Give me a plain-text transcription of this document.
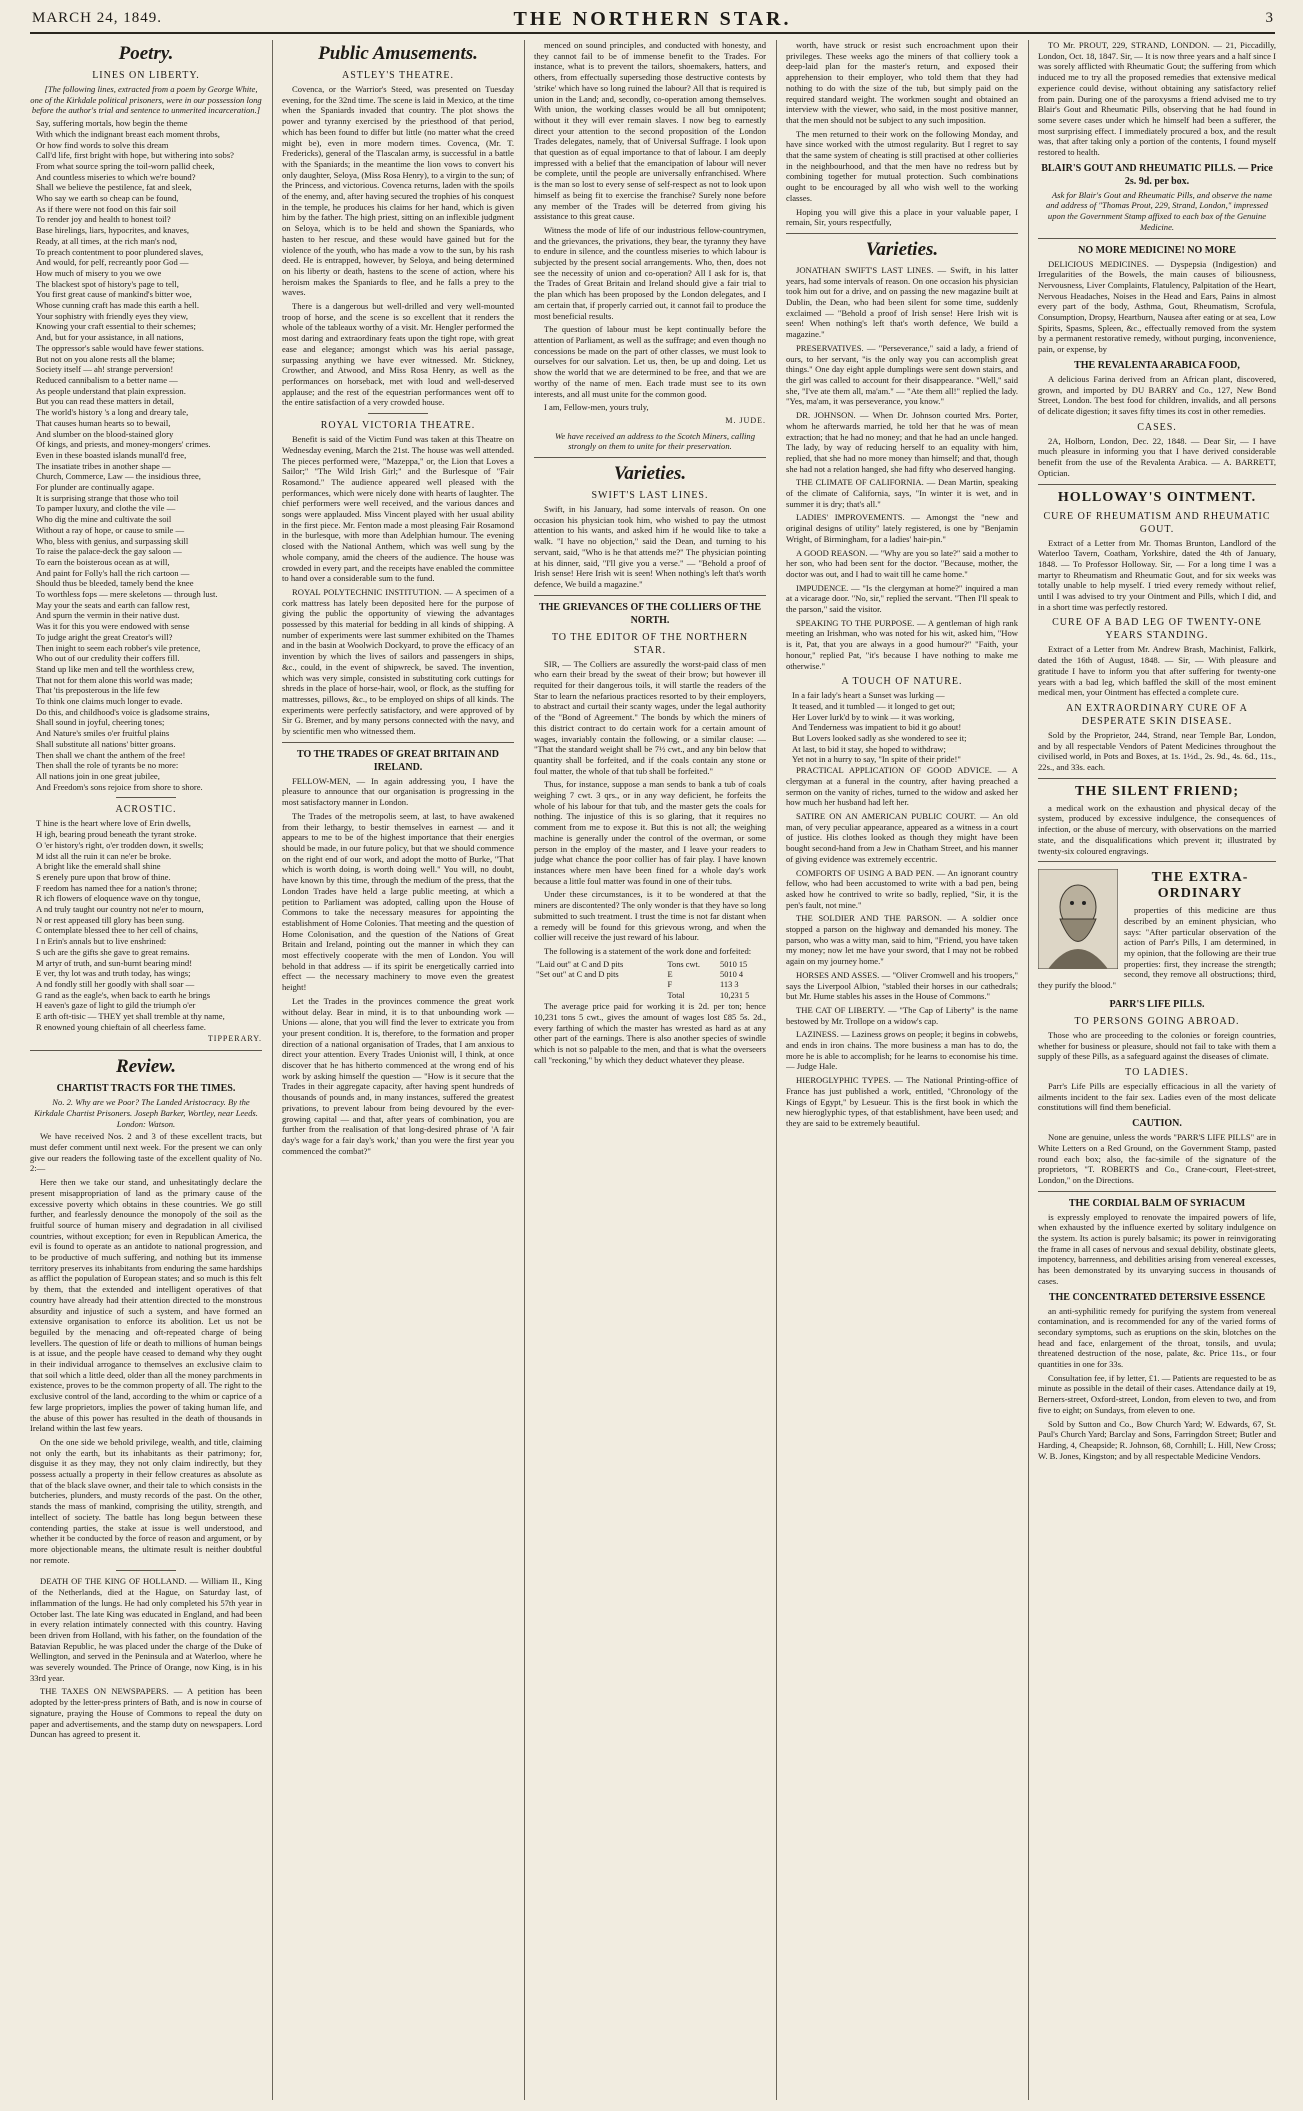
MARCH 24, 1849.	THE NORTHERN STAR.	3
Poetry.
LINES ON LIBERTY.

[The following lines, extracted from a poem by George White, one of the Kirkdale political prisoners, were in our possession long before the author's trial and sentence to unmerited incarceration.]

Say, suffering mortals, how begin the theme
With which the indignant breast each moment throbs,
Or how find words to solve this dream
Call'd life, first bright with hope, but withering into sobs?
From what source spring the toil-worn pallid cheek,
And countless miseries to which we're bound?
Shall we believe the pestilence, fat and sleek,
Who say we earth so cheap can be found,
As if there were not food on this fair soil
To render joy and health to honest toil?
Base hirelings, liars, hypocrites, and knaves,
Ready, at all times, at the rich man's nod,
To preach contentment to poor plundered slaves,
And would, for pelf, recreantly poor God —
How much of misery to you we owe
The blackest spot of history's page to tell,
You first great cause of mankind's bitter woe,
Whose cunning craft has made this earth a hell.
Your sophistry with friendly eyes they view,
Knowing your craft essential to their schemes;
And, but for your assistance, in all nations,
The oppressor's sable would have fewer stations.
But not on you alone rests all the blame;
Society itself — ah! strange perversion!
Reduced cannibalism to a better name —
As people understand that plain expression.
But you can read these matters in detail,
The world's history 's a long and dreary tale,
That causes human hearts so to bewail,
And slumber on the blood-stained glory
Of kings, and priests, and money-mongers' crimes.
Even in these boasted islands munall'd free,
The insatiate tribes in another shape —
Church, Commerce, Law — the insidious three,
For plunder are continually agape.
It is surprising strange that those who toil
To pamper luxury, and clothe the vile —
Who dig the mine and cultivate the soil
Without a ray of hope, or cause to smile —
Who, bless with genius, and surpassing skill
To raise the palace-deck the gay saloon —
To earn the boisterous ocean as at will,
And paint for Folly's hall the rich cartoon —
Should thus be bleeded, tamely bend the knee
To worthless fops — mere skeletons — through lust.
May your the seats and earth can fallow rest,
And spurn the vermin in their native dust.
Was it for this you were endowed with sense
To judge aright the great Creator's will?
Then inight to seem each robber's vile pretence,
Who out of our credulity their coffers fill.
Stand up like men and tell the worthless crew,
That not for them alone this world was made;
That 'tis preposterous in the life few
To think one claims much longer to evade.
Do this, and childhood's voice is gladsome strains,
Shall sound in joyful, cheering tones;
And Nature's smiles o'er fruitful plains
Shall substitute all nations' bitter groans.
Then shall we chant the anthem of the free!
Then shall the role of tyrants be no more:
All nations join in one great jubilee,
And Freedom's sons rejoice from shore to shore.
ACROSTIC.
T hine is the heart where love of Erin dwells,
H igh, bearing proud beneath the tyrant stroke.
O 'er history's right, o'er trodden down, it swells;
M idst all the ruin it can ne'er be broke.
A bright like the emerald shall shine
S erenely pure upon that brow of thine.
F reedom has named thee for a nation's throne;
R ich flowers of eloquence wave on thy tongue,
A nd truly taught our country not ne'er to mourn,
N or rest appeased till glory has been sung.
C ontemplate blessed thee to her cell of chains,
I n Erin's annals but to live enshrined:
S uch are the gifts she gave to great remains.
M artyr of truth, and sun-burnt bearing mind!
E ver, thy lot was and truth today, has wings;
A nd fondly still her goodly with shall soar —
G rand as the eagle's, when back to earth he brings
H eaven's gaze of light to gild the triumph o'er
E arth oft-tisic — THEY yet shall tremble at thy name,
R enowned young chieftain of all cheerless fame.
TIPPERARY.
Review.
CHARTIST TRACTS FOR THE TIMES.

No. 2. Why are we Poor? The Landed Aristocracy. By the Kirkdale Chartist Prisoners. Joseph Barker, Wortley, near Leeds. London: Watson.

We have received Nos. 2 and 3 of these excellent tracts, but must defer comment until next week. For the present we can only give our readers the following taste of the excellent quality of No. 2:—

Here then we take our stand, and unhesitatingly declare the present misappropriation of land as the primary cause of the excessive poverty which obtains in these countries. We go still further, and fearlessly denounce the monopoly of the soil as the fruitful source of human misery and degradation in all civilised countries, without exception; for even in Republican America, the evil is found to operate as an antidote to national progression, and to be productive of much suffering, and nothing but its immense territory preserves its inhabitants from enduring the same hardships as afflict the population of European states; and so much is this felt by them, that the extended and intelligent operatives of that country have already had their attention directed to the monstrous absurdity and injustice of such a system, and have formed an extensive organisation to enforce its abolition. Let us not be beguiled by the menacing and oft-repeated charge of being levellers. The question of life or death to millions of human beings is at issue, and the people have ceased to demand why they ought in their individual arrogance to themselves an exclusive claim to that soil which a little deed, older than all the money parchments in existence, proves to be the common property of all. The right to the exclusive control of the land, according to the whim or caprice of a few large proprietors, implies the power of taking human life, and the abuse of this power has resulted in the death of thousands in Ireland within the last few years.

On the one side we behold privilege, wealth, and title, claiming not only the earth, but its inhabitants as their patrimony; for, disguise it as they may, they not only claim indirectly, but they possess actually a property in their fellow creatures as absolute as that of the black slave owner, and their tale to which consists in the butcheries, plunders, and musty records of the past. On the other, stands the mass of mankind, comprising the utility, strength, and intellect of society. The battle has long begun between these contending parties, the stake at issue is well understood, and whether it be conducted by the force of reason and argument, or by more objectionable means, the ultimate result is neither doubtful nor remote.

DEATH OF THE KING OF HOLLAND. — William II., King of the Netherlands, died at the Hague, on Saturday last, of inflammation of the lungs. He had only completed his 57th year in October last. The late King was educated in England, and had been in every relation intimately connected with this country. Having been driven from Holland, with his father, on the foundation of the Batavian Republic, he was placed under the charge of the Duke of Wellington, and served in the Peninsula and at Waterloo, where he was severely wounded. The Prince of Orange, now King, is in his 33rd year.

THE TAXES ON NEWSPAPERS. — A petition has been adopted by the letter-press printers of Bath, and is now in course of signature, praying the House of Commons to repeal the duty on paper and advertisements, and the stamp duty on newspapers. Lord Duncan has agreed to present it.

Public Amusements.
ASTLEY'S THEATRE.

Covenca, or the Warrior's Steed, was presented on Tuesday evening, for the 32nd time. The scene is laid in Mexico, at the time when the Spaniards invaded that country. The plot shows the power and tyranny exercised by the priesthood of that period, which has been found to differ but little (no matter what the creed might be), even in more modern times. Covenca, (Mr. T. Fredericks), general of the Tlascalan army, is successful in a battle with the Spaniards; in the meantime the lion vows to convert his only daughter, Seloya, (Miss Rosa Henry), to a virgin to the sun; of the Princess, and victorious. Covenca returns, laden with the spoils of the enemy, and, after having secured the trophies of his conquest in the temple, he produces his claims for her hand, which is given him by the father. The high priest, sitting on an inflexible judgment on Seloya, which is to be held and shown the Spaniards, who hasten to her rescue, and these would have gained but for the violence of the youth, who has made a vow to the sun, by his rash deed. He is entrapped, however, by Seloya, and being determined on his liberty or death, hastens to the scene of action, where his heroism makes the Spaniards to flee, and he falls a prey to the waves.

There is a dangerous but well-drilled and very well-mounted troop of horse, and the scene is so excellent that it renders the whole of the tableaux worthy of a visit. Mr. Hengler performed the most daring and extraordinary feats upon the tight rope, with great ease and elegance; amongst which was his aerial passage, surpassing anything we have ever witnessed. Mr. Stickney, Crowther, and Atwood, and Miss Rosa Henry, as well as the performances on horseback, met with loud and well-deserved applause; and the rest of the equestrian performances went off to the entire satisfaction of a very crowded house.

ROYAL VICTORIA THEATRE.

Benefit is said of the Victim Fund was taken at this Theatre on Wednesday evening, March the 21st. The house was well attended. The pieces performed were, "Mazeppa," or, the Lion that Loves a Sailor;" "The Wild Irish Girl;" and the Burlesque of "Fair Rosamond." The audience appeared well pleased with the performances, which were nicely done with hearts of laughter. The chief performers were well received, and the various dances and songs were applauded. Miss Vincent played with her usual ability in the first piece. Mr. Fenton made a most pleasing Fair Rosamond in the burlesque, with more than Adelphian humour. The evening closed with the National Anthem, which was well sung by the whole company, amid the cheers of the audience. The house was crowded in every part, and the receipts have enabled the committee to hand over a considerable sum to the fund.

ROYAL POLYTECHNIC INSTITUTION. — A specimen of a cork mattress has lately been deposited here for the purpose of giving the public the opportunity of viewing the advantages possessed by this material for bedding in all kinds of shipping. A number of experiments were last summer exhibited on the Thames and in the basin at Woolwich Dockyard, to prove the efficacy of an invention by which the lives of sailors and passengers in ships, &c., could, in the event of shipwreck, be saved. The invention, which was very simple, consisted in substituting cork cuttings for shreds in the place of horse-hair, wool, or flock, as the stuffing for mattresses, pillows, &c., to be employed on ships of all kinds. The experiments were perfectly satisfactory, and were approved of by Sir G. Bremer, and by many persons connected with the navy, and by scientific men who witnessed them.

TO THE TRADES OF GREAT BRITAIN AND IRELAND.

FELLOW-MEN, — In again addressing you, I have the pleasure to announce that our organisation is progressing in the most satisfactory manner in London.

The Trades of the metropolis seem, at last, to have awakened from their lethargy, to bestir themselves in earnest — and it appears to me to be of the highest importance that their energies should be made, in our future policy, but that we should commence on the right end of our work, and adopt the motto of Burke, "That which is worth doing, is worth doing well." You will, no doubt, have known by this time, through the medium of the press, that the London Trades have held a large public meeting, at which a petition to Parliament was adopted, calling upon the House of Commons to take the necessary measures for appointing the establishment of Home Colonies. That meeting and the question of Home Colonisation, and the question of the Nations of Great Britain and Ireland, pointing out the manner in which they can most effectively cooperate with the men of London. You will behold in that address — if its spirit be energetically carried into effect — the necessary machinery to move even the greatest height!

Let the Trades in the provinces commence the great work without delay. Bear in mind, it is to that unbounding work — Unions — alone, that you will find the lever to extricate you from your present condition. It is, therefore, to the formation and proper direction of a national organisation of Trades, that I am anxious to direct your attention. Every Trades Unionist will, I think, at once discover that he has hitherto commenced at the wrong end of his work by asking himself the question — "How is it secure that the Trades in their aggregate capacity, after having spent hundreds of thousands of pounds and, in many instances, suffered the greatest privations, to prevent labour from being devoured by the ever-growing capital — and that, after years of combination, you are further from the realisation of that long-desired phrase of 'A fair day's wage for a fair day's work,' than you were the first year you commenced the combat?"

menced on sound principles, and conducted with honesty, and they cannot fail to be of immense benefit to the Trades. For instance, what is to prevent the tailors, shoemakers, hatters, and others, from effectually superseding those destructive contests by 'strike' which have so long ruined the labour? All that is required is union in the Land; and, secondly, co-operation among themselves. With union, the working classes would be all but omnipotent; without it they will ever remain slaves. I now beg to earnestly direct your attention to the second proposition of the London Trades delegates, namely, that of Universal Suffrage. I look upon that question as of equal importance to that of labour. I am deeply impressed with a belief that the emancipation of labour will never be complete, until the people are universally enfranchised. Where is the man so lost to every sense of self-respect as not to look upon himself as being fit to exercise the franchise? Surely none before any member of the Trades will be deterred from giving his assistance to this great cause.

Witness the mode of life of our industrious fellow-countrymen, and the grievances, the privations, they bear, the tyranny they have to endure in silence, and the countless miseries to which labour is subjected by the present social arrangements. Who, then, does not see the necessity of union and co-operation? All I ask for is, that the Trades of Great Britain and Ireland should give a fair trial to the plan which has been proposed by the London delegates, and I am certain that, if properly carried out, it cannot fail to produce the most beneficial results.

The question of labour must be kept continually before the attention of Parliament, as well as the suffrage; and even though no concessions be made on the part of other classes, we must look to ourselves for our salvation. Let us, then, be up and doing. Let us show the world that we are determined to be free, and that we are worthy of the name of men. Each trade must see to its own interests, and all must unite for the common good.

I am, Fellow-men, yours truly,

M. JUDE.

We have received an address to the Scotch Miners, calling strongly on them to unite for their preservation.

Varieties.
SWIFT'S LAST LINES.

Swift, in his January, had some intervals of reason. On one occasion his physician took him, who wished to pay the utmost attention to his wants, and asked him if he would like to take a walk. "I have no objection," said the Dean, and turning to his servant, said, "Who is he that attends me?" The physician pointing at his dinner, said, "I'll give you a verse." — "Behold a proof of Irish sense! Here Irish wit is seen! When nothing's left that's worth defence, We build a magazine."

THE GRIEVANCES OF THE COLLIERS OF THE NORTH.
TO THE EDITOR OF THE NORTHERN STAR.

SIR, — The Colliers are assuredly the worst-paid class of men who earn their bread by the sweat of their brow; but however ill requited for their dangerous toils, it will startle the readers of the Star to learn the nefarious practices resorted to by their employers, to abstract and curtail their scanty wages, under the legal authority of the "Bond of Agreement." The bonds by which the miners of this district contract to do certain work for a certain amount of wages, invariably contain the following, or a similar clause: — "That the standard weight shall be 7½ cwt., and any bin below that quantity shall be forfeited, and if the coals contain any stone or foul matter, the whole of that tub shall be forfeited."

Thus, for instance, suppose a man sends to bank a tub of coals weighing 7 cwt. 3 qrs., or in any way deficient, he forfeits the whole of his labour for that tub, and the master gets the coals for nothing. The injustice of this is so glaring, that it requires no comment from me to expose it. But this is not all; the weighing machine is generally under the control of the overman, or some person in the employ of the master, and I leave your readers to judge what chance the poor collier has of fair play. I have known instances where men have been fined for a whole day's work because a little foul matter was found in one of their tubs.

Under these circumstances, is it to be wondered at that the miners are discontented? The only wonder is that they have so long submitted to such treatment. I trust the time is not far distant when a remedy will be found for this grievous wrong, and when the collier will receive the just reward of his labour.

The following is a statement of the work done and forfeited:

"Laid out" at C and D pits	Tons cwt.	5010 15
"Set out" at C and D pits	E	5010 4
	F	113 3
	Total	10,231 5

The average price paid for working it is 2d. per ton; hence 10,231 tons 5 cwt., gives the amount of wages lost £85 5s. 2d., every farthing of which the master has wrested as hard as at any other part of the earnings. There is also another species of swindle which is not so palpable to the men, and that is what the overseers call "reckoning," by which they deduct whatever they please.

worth, have struck or resist such encroachment upon their privileges. These weeks ago the miners of that colliery took a deep-laid plan for the master's return, and exposed their apprehension to their employer, who told them that they had nothing to do with the size of the tub, but simply paid on the required standard weight. The workmen sought and obtained an interview with the viewer, who said, in the most positive manner, that the men should not be subject to any such imposition.

The men returned to their work on the following Monday, and have since worked with the utmost regularity. But I regret to say that the same system of cheating is still practised at other collieries in the neighbourhood, and that the men have no redress but by combining together for mutual protection. Such combinations ought to be encouraged by all who wish well to the working classes.

Hoping you will give this a place in your valuable paper, I remain, Sir, yours respectfully,

Varieties.

JONATHAN SWIFT'S LAST LINES. — Swift, in his latter years, had some intervals of reason. On one occasion his physician took him out for a drive, and on passing the new magazine built at Dublin, the Dean, who had been silent for some time, suddenly exclaimed — "Behold a proof of Irish sense! Here Irish wit is seen! When nothing's left that's worth defence, We build a magazine."

PRESERVATIVES. — "Perseverance," said a lady, a friend of ours, to her servant, "is the only way you can accomplish great things." One day eight apple dumplings were sent down stairs, and the girl was called to account for their disappearance. "Well," said she, "I've ate them all, ma'am." — "Ate them all!" replied the lady. "Yes, ma'am, it was perseverance, you know."

DR. JOHNSON. — When Dr. Johnson courted Mrs. Porter, whom he afterwards married, he told her that he was of mean extraction; that he had no money; and that he had an uncle hanged. The lady, by way of reducing herself to an equality with him, replied, that she had no more money than himself; and that, though she had not a relation hanged, she had fifty who deserved hanging.

THE CLIMATE OF CALIFORNIA. — Dean Martin, speaking of the climate of California, says, "In winter it is wet, and in summer it is dry; that's all."

LADIES' IMPROVEMENTS. — Amongst the "new and original designs of utility" lately registered, is one by "Benjamin Wright, of Birmingham, for a ladies' hair-pin."

A GOOD REASON. — "Why are you so late?" said a mother to her son, who had been sent for the doctor. "Because, mother, the doctor was out, and I had to wait till he came home."

IMPUDENCE. — "Is the clergyman at home?" inquired a man at a vicarage door. "No, sir," replied the servant. "Then I'll speak to the parson," said the visitor.

SPEAKING TO THE PURPOSE. — A gentleman of high rank meeting an Irishman, who was noted for his wit, asked him, "How is it, Pat, that you are always in a good humour?" "Faith, your honour," replied Pat, "it's because I have nothing to make me otherwise."

A TOUCH OF NATURE.
In a fair lady's heart a Sunset was lurking —
It teased, and it tumbled — it longed to get out;
Her Lover lurk'd by to wink — it was working,
And Tenderness was impatient to bid it go about!
But Lovers looked sadly as she wondered to see it;
At last, to bid it stay, she hoped to withdraw;
Yet not in a hurry to say, "In spite of their pride!"

PRACTICAL APPLICATION OF GOOD ADVICE. — A clergyman at a funeral in the country, after having preached a sermon on the vanity of riches, turned to the widow and asked her how much her husband had left her.

SATIRE ON AN AMERICAN PUBLIC COURT. — An old man, of very peculiar appearance, appeared as a witness in a court of justice. His clothes looked as though they might have been bought second-hand from a Jew in Chatham Street, and his manner of giving evidence was extremely eccentric.

COMFORTS OF USING A BAD PEN. — An ignorant country fellow, who had been accustomed to write with a bad pen, being asked how he contrived to write so badly, replied, "Sir, it is the pen's fault, not mine."

THE SOLDIER AND THE PARSON. — A soldier once stopped a parson on the highway and demanded his money. The parson, who was a witty man, said to him, "Friend, you have taken my money; now let me have your sword, that I may not be robbed again on my journey home."

HORSES AND ASSES. — "Oliver Cromwell and his troopers," says the Liverpool Albion, "stabled their horses in our cathedrals; but Mr. Hume stables his asses in the House of Commons."

THE CAT OF LIBERTY. — "The Cap of Liberty" is the name bestowed by Mr. Trollope on a widow's cap.

LAZINESS. — Laziness grows on people; it begins in cobwebs, and ends in iron chains. The more business a man has to do, the more he is able to accomplish; for he learns to economise his time. — Judge Hale.

HIEROGLYPHIC TYPES. — The National Printing-office of France has just published a work, entitled, "Chronology of the Kings of Egypt," by Lesueur. This is the first book in which the new hieroglyphic types, of that establishment, have been used; and they are said to be extremely beautiful.

TO Mr. PROUT, 229, STRAND, LONDON. — 21, Piccadilly, London, Oct. 18, 1847. Sir, — It is now three years and a half since I was sorely afflicted with Rheumatic Gout; the suffering from which induced me to try all the proposed remedies that extensive medical experience could devise, without obtaining any satisfactory relief from pain. During one of the paroxysms a friend advised me to try Blair's Gout and Rheumatic Pills, observing that he had found in some severe cases under which he himself had been a sufferer, the most surprising effect. I immediately procured a box, and the result was, that after taking only a portion of the contents, I found myself restored to health.

BLAIR'S GOUT AND RHEUMATIC PILLS. — Price 2s. 9d. per box.

Ask for Blair's Gout and Rheumatic Pills, and observe the name and address of "Thomas Prout, 229, Strand, London," impressed upon the Government Stamp affixed to each box of the Genuine Medicine.

NO MORE MEDICINE! NO MORE

DELICIOUS MEDICINES. — Dyspepsia (Indigestion) and Irregularities of the Bowels, the main causes of biliousness, Nervousness, Liver Complaints, Flatulency, Palpitation of the Heart, Nervous Headaches, Noises in the Head and Ears, Pains in almost every part of the body, Asthma, Gout, Rheumatism, Scrofula, Consumption, Dropsy, Heartburn, Nausea after eating or at sea, Low Spirits, Spasms, Spleen, &c., effectually removed from the system by a permanent restorative remedy, without purging, inconvenience, pain, or expense, by

THE REVALENTA ARABICA FOOD,

A delicious Farina derived from an African plant, discovered, grown, and imported by DU BARRY and Co., 127, New Bond Street, London. The best food for children, invalids, and all persons of delicate digestion; it saves fifty times its cost in other remedies.

CASES.

2A, Holborn, London, Dec. 22, 1848. — Dear Sir, — I have much pleasure in informing you that I have derived considerable benefit from the use of the Revalenta Arabica. — A. BARRETT, Optician.

HOLLOWAY'S OINTMENT.
CURE OF RHEUMATISM AND RHEUMATIC GOUT.

Extract of a Letter from Mr. Thomas Brunton, Landlord of the Waterloo Tavern, Coatham, Yorkshire, dated the 4th of January, 1848. — To Professor Holloway. Sir, — For a long time I was a martyr to Rheumatism and Rheumatic Gout, and for six weeks was totally unable to help myself. I tried every remedy without relief, until I was advised to try your Ointment and Pills, which I did, and in a short time was perfectly restored.

CURE OF A BAD LEG OF TWENTY-ONE YEARS STANDING.

Extract of a Letter from Mr. Andrew Brash, Machinist, Falkirk, dated the 16th of August, 1848. — Sir, — With pleasure and gratitude I have to inform you that after suffering for twenty-one years with a bad leg, which baffled the skill of the most eminent medical men, your Ointment has effected a complete cure.

AN EXTRAORDINARY CURE OF A DESPERATE SKIN DISEASE.

Sold by the Proprietor, 244, Strand, near Temple Bar, London, and by all respectable Vendors of Patent Medicines throughout the civilised world, in Pots and Boxes, at 1s. 1½d., 2s. 9d., 4s. 6d., 11s., 22s., and 33s. each.

THE SILENT FRIEND;

a medical work on the exhaustion and physical decay of the system, produced by excessive indulgence, the consequences of infection, or the abuse of mercury, with observations on the married state, and the disqualifications which prevent it; illustrated by twenty-six coloured engravings.

THE EXTRA-ORDINARY

properties of this medicine are thus described by an eminent physician, who says: "After particular observation of the action of Parr's Pills, I am determined, in my opinion, that the following are their true properties: first, they increase the strength; second, they remove all obstructions; third, they purify the blood."

PARR'S LIFE PILLS.
TO PERSONS GOING ABROAD.

Those who are proceeding to the colonies or foreign countries, whether for business or pleasure, should not fail to take with them a supply of these Pills, as a safeguard against the diseases of climate.

TO LADIES.

Parr's Life Pills are especially efficacious in all the variety of ailments incident to the fair sex. Ladies even of the most delicate constitutions will find them beneficial.

CAUTION.

None are genuine, unless the words "PARR'S LIFE PILLS" are in White Letters on a Red Ground, on the Government Stamp, pasted round each box; also, the fac-simile of the signature of the proprietors, "T. ROBERTS and Co., Crane-court, Fleet-street, London," on the Directions.

THE CORDIAL BALM OF SYRIACUM

is expressly employed to renovate the impaired powers of life, when exhausted by the influence exerted by solitary indulgence on the system. Its action is purely balsamic; its power in reinvigorating the frame in all cases of nervous and sexual debility, obstinate gleets, impotency, barrenness, and debilities arising from venereal excesses, has been demonstrated by its unvarying success in thousands of cases.

THE CONCENTRATED DETERSIVE ESSENCE

an anti-syphilitic remedy for purifying the system from venereal contamination, and is recommended for any of the varied forms of secondary symptoms, such as eruptions on the skin, blotches on the head and face, enlargement of the throat, tonsils, and uvula; threatened destruction of the nose, palate, &c. Price 11s., or four quantities in one for 33s.

Consultation fee, if by letter, £1. — Patients are requested to be as minute as possible in the detail of their cases. Attendance daily at 19, Berners-street, Oxford-street, London, from eleven to two, and from five to eight; on Sundays, from eleven to one.

Sold by Sutton and Co., Bow Church Yard; W. Edwards, 67, St. Paul's Church Yard; Barclay and Sons, Farringdon Street; Butler and Harding, 4, Cheapside; R. Johnson, 68, Cornhill; L. Hill, New Cross; W. B. Jones, Kingston; and by all respectable Medicine Vendors.
